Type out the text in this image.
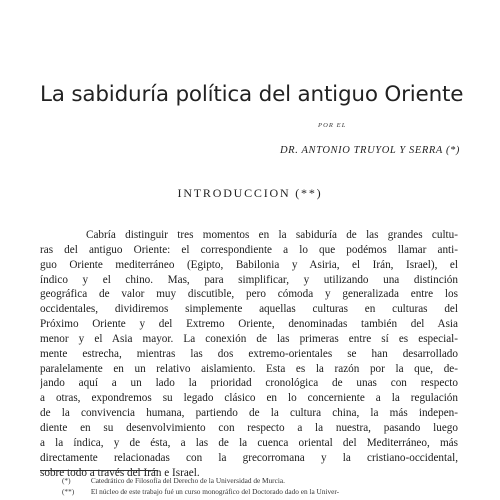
La sabiduría política del antiguo Oriente
POR EL
DR. ANTONIO TRUYOL Y SERRA (*)
INTRODUCCION (**)
Cabría distinguir tres momentos en la sabiduría de las grandes cultu-
ras del antiguo Oriente: el correspondiente a lo que podémos llamar anti-
guo Oriente mediterráneo (Egipto, Babilonia y Asiria, el Irán, Israel), el
índico y el chino. Mas, para simplificar, y utilizando una distinción
geográfica de valor muy discutible, pero cómoda y generalizada entre los
occidentales, dividiremos simplemente aquellas culturas en culturas del
Próximo Oriente y del Extremo Oriente, denominadas también del Asia
menor y el Asia mayor. La conexión de las primeras entre sí es especial-
mente estrecha, mientras las dos extremo-orientales se han desarrollado
paralelamente en un relativo aislamiento. Esta es la razón por la que, de-
jando aquí a un lado la prioridad cronológica de unas con respecto
a otras, expondremos su legado clásico en lo concerniente a la regulación
de la convivencia humana, partiendo de la cultura china, la más indepen-
diente en su desenvolvimiento con respecto a la nuestra, pasando luego
a la índica, y de ésta, a las de la cuenca oriental del Mediterráneo, más
directamente relacionadas con la grecorromana y la cristiano-occidental,
sobre todo a través del Irán e Israel.
(*)	Catedrático de Filosofía del Derecho de la Universidad de Murcia.
(**) El núcleo de este trabajo fué un curso monográfico del Doctorado dado en la Univer-
